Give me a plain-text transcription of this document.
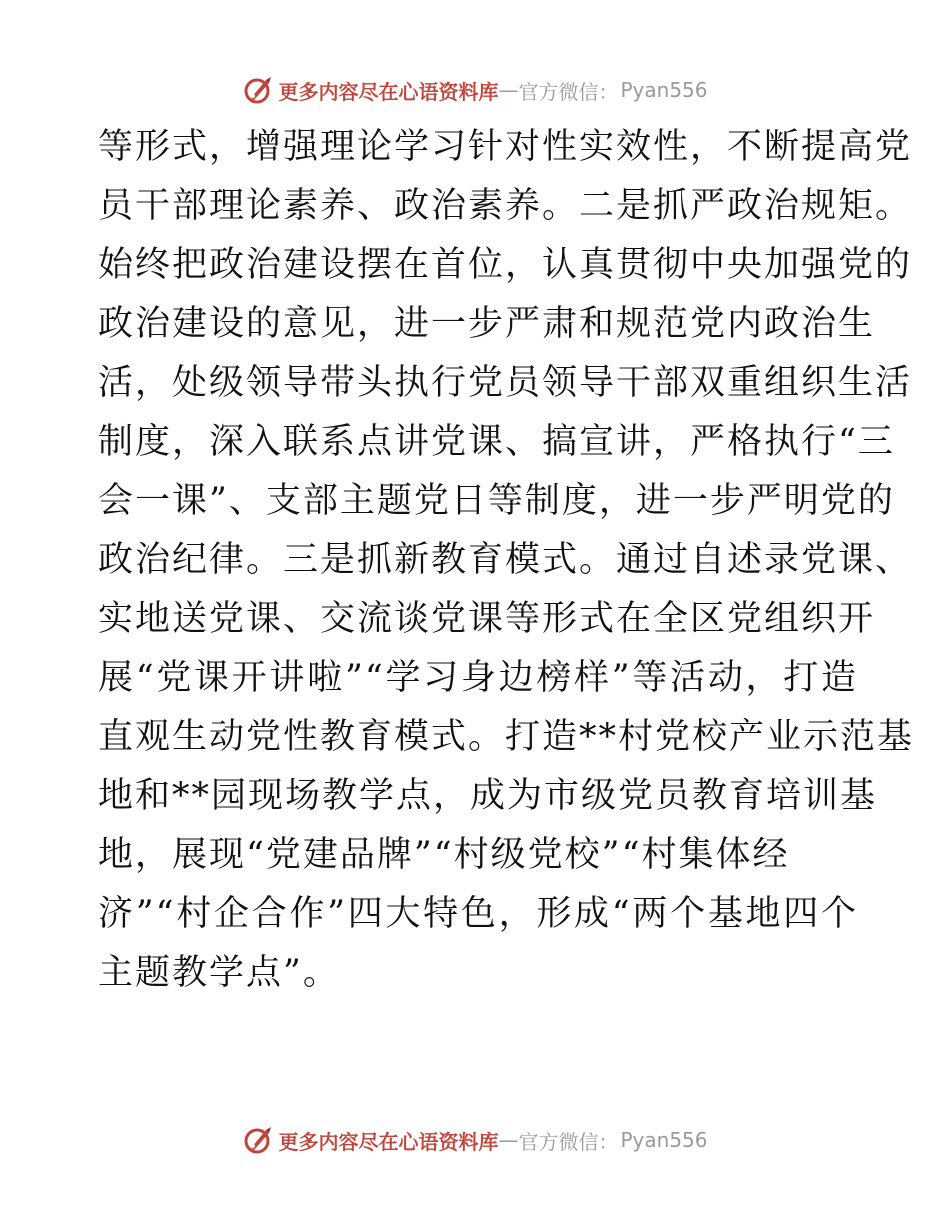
更多内容尽在心语资料库 — 官方微信： Pyan556
等形式，增强理论学习针对性实效性，不断提高党
员干部理论素养、政治素养。二是抓严政治规矩。
始终把政治建设摆在首位，认真贯彻中央加强党的
政治建设的意见，进一步严肃和规范党内政治生
活，处级领导带头执行党员领导干部双重组织生活
制度，深入联系点讲党课、搞宣讲，严格执行“三
会一课”、支部主题党日等制度，进一步严明党的
政治纪律。三是抓新教育模式。通过自述录党课、
实地送党课、交流谈党课等形式在全区党组织开
展“党课开讲啦”“学习身边榜样”等活动，打造
直观生动党性教育模式。打造**村党校产业示范基
地和**园现场教学点，成为市级党员教育培训基
地，展现“党建品牌”“村级党校”“村集体经
济”“村企合作”四大特色，形成“两个基地四个
主题教学点”。
更多内容尽在心语资料库 — 官方微信： Pyan556
